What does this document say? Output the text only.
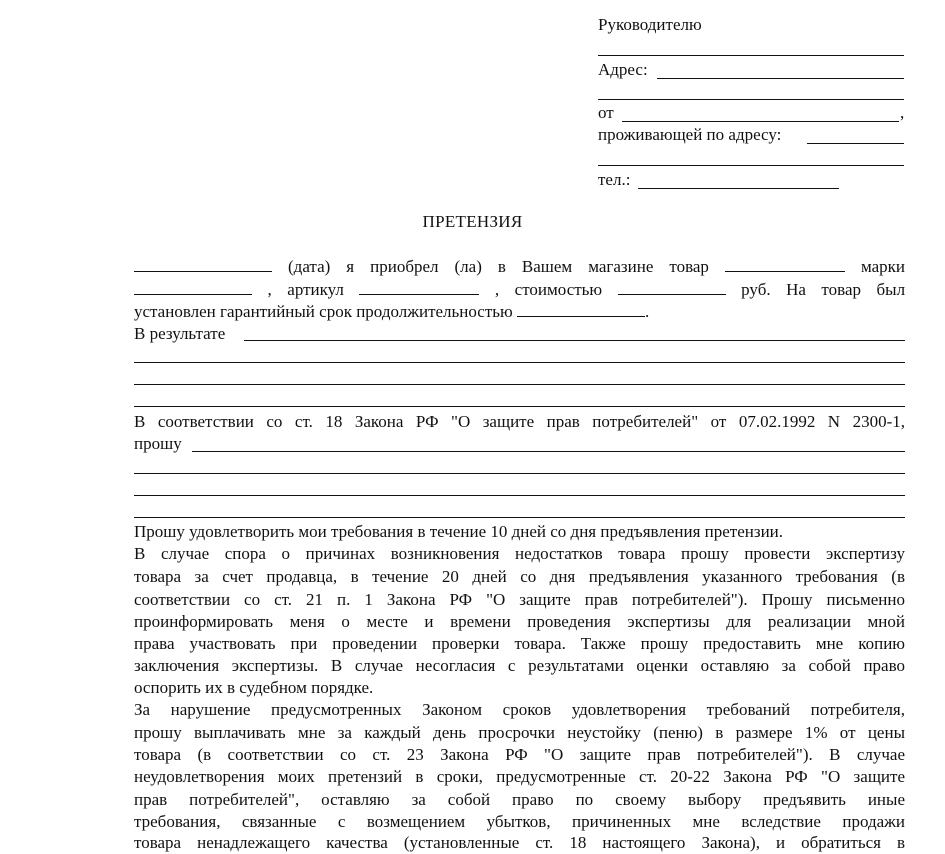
Руководителю
Адрес:
от	,
проживающей по адресу:
тел.:
ПРЕТЕНЗИЯ
(дата) я приобрел (ла) в Вашем магазине товар	марки
, артикул	, стоимостью	руб. На товар был
установлен гарантийный срок продолжительностью	.
В результате
В соответствии со ст. 18 Закона РФ "О защите прав потребителей" от 07.02.1992 N 2300-1,
прошу
Прошу удовлетворить мои требования в течение 10 дней со дня предъявления претензии.
В случае спора о причинах возникновения недостатков товара прошу провести экспертизу
товара за счет продавца, в течение 20 дней со дня предъявления указанного требования (в
соответствии со ст. 21 п. 1 Закона РФ "О защите прав потребителей"). Прошу письменно
проинформировать меня о месте и времени проведения экспертизы для реализации мной
права участвовать при проведении проверки товара. Также прошу предоставить мне копию
заключения экспертизы. В случае несогласия с результатами оценки оставляю за собой право
оспорить их в судебном порядке.
За нарушение предусмотренных Законом сроков удовлетворения требований потребителя,
прошу выплачивать мне за каждый день просрочки неустойку (пеню) в размере 1% от цены
товара (в соответствии со ст. 23 Закона РФ "О защите прав потребителей"). В случае
неудовлетворения моих претензий в сроки, предусмотренные ст. 20-22 Закона РФ "О защите
прав потребителей", оставляю за собой право по своему выбору предъявить иные
требования, связанные с возмещением убытков, причиненных мне вследствие продажи
товара ненадлежащего качества (установленные ст. 18 настоящего Закона), и обратиться в
